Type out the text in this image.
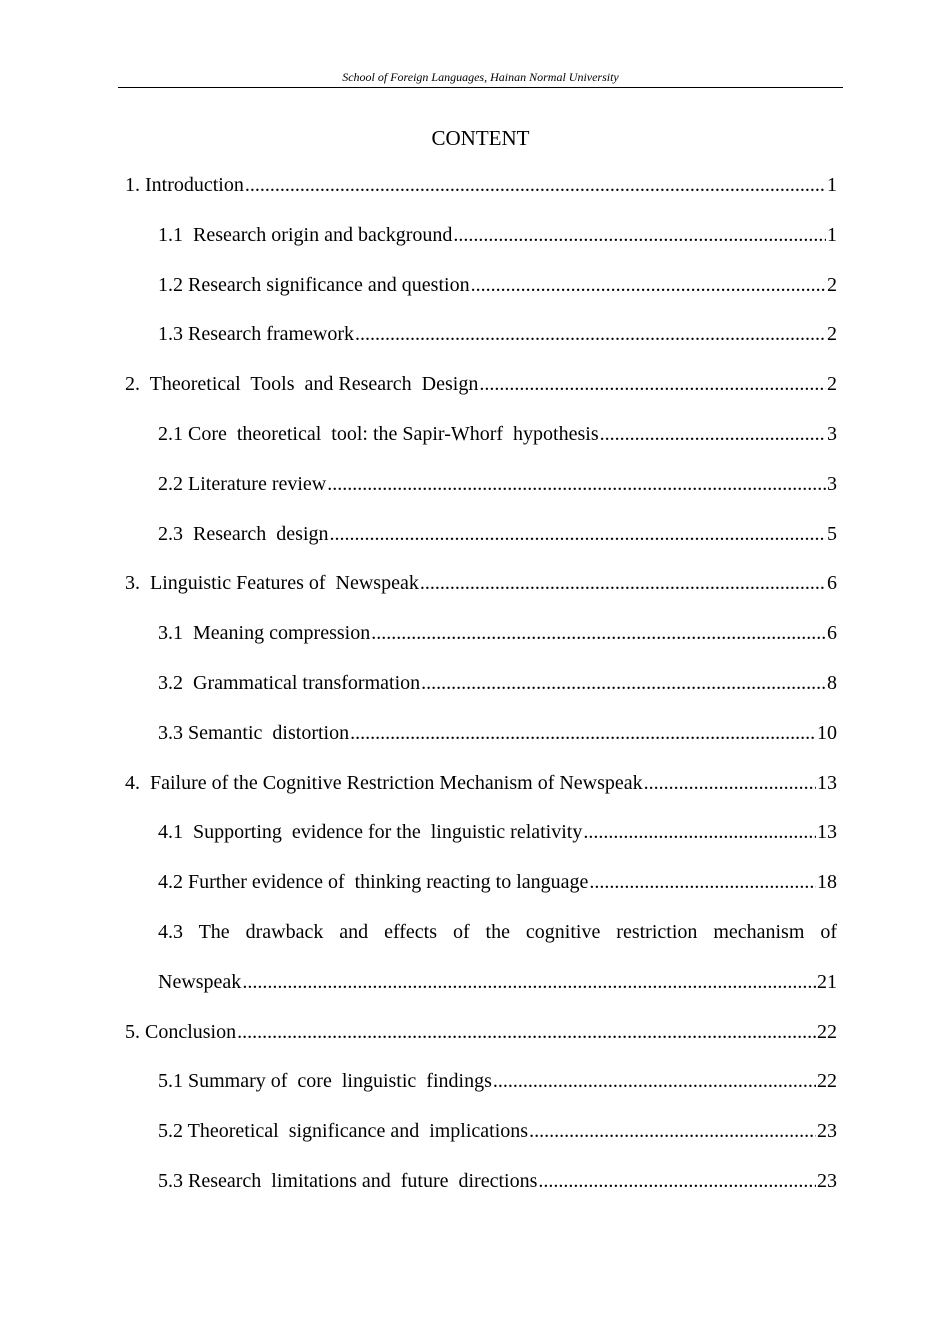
School of Foreign Languages, Hainan Normal University
CONTENT
1. Introduction .....	1
1.1  Research origin and background .....	1
1.2 Research significance and question .....	2
1.3 Research framework .....	2
2.  Theoretical  Tools  and Research  Design .....	2
2.1 Core  theoretical  tool: the Sapir-Whorf  hypothesis .....	3
2.2 Literature review .....	3
2.3  Research  design .....	5
3.  Linguistic Features of  Newspeak .....	6
3.1  Meaning compression .....	6
3.2  Grammatical transformation .....	8
3.3 Semantic  distortion .....	10
4.  Failure of the Cognitive Restriction Mechanism of Newspeak .....	13
4.1  Supporting  evidence for the  linguistic relativity .....	13
4.2 Further evidence of  thinking reacting to language .....	18
4.3 The drawback and effects of the cognitive restriction mechanism of
Newspeak .....	21
5. Conclusion .....	22
5.1 Summary of  core  linguistic  findings .....	22
5.2 Theoretical  significance and  implications .....	23
5.3 Research  limitations and  future  directions .....	23
